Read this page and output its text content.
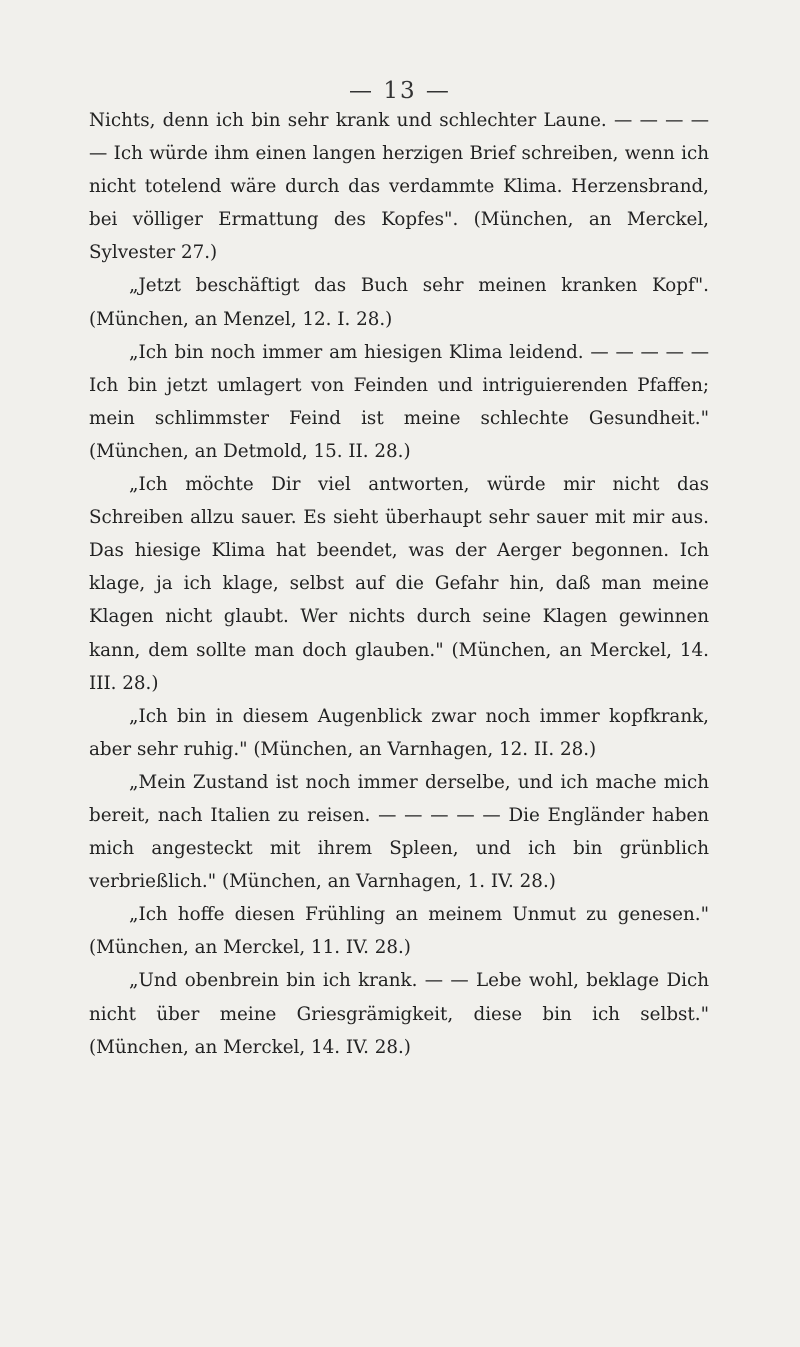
— 13 —

Nichts, denn ich bin sehr krank und schlechter Laune. — — — — — Ich würde ihm einen langen herzigen Brief schreiben, wenn ich nicht totelend wäre durch das verdammte Klima. Herzensbrand, bei völliger Ermattung des Kopfes". (München, an Merckel, Sylvester 27.)

„Jetzt beschäftigt das Buch sehr meinen kranken Kopf". (München, an Menzel, 12. I. 28.)

„Ich bin noch immer am hiesigen Klima leidend. — — — — — Ich bin jetzt umlagert von Feinden und intriguierenden Pfaffen; mein schlimmster Feind ist meine schlechte Gesundheit." (München, an Detmold, 15. II. 28.)

„Ich möchte Dir viel antworten, würde mir nicht das Schreiben allzu sauer. Es sieht überhaupt sehr sauer mit mir aus. Das hiesige Klima hat beendet, was der Aerger begonnen. Ich klage, ja ich klage, selbst auf die Gefahr hin, daß man meine Klagen nicht glaubt. Wer nichts durch seine Klagen gewinnen kann, dem sollte man doch glauben." (München, an Merckel, 14. III. 28.)

„Ich bin in diesem Augenblick zwar noch immer kopfkrank, aber sehr ruhig." (München, an Varnhagen, 12. II. 28.)

„Mein Zustand ist noch immer derselbe, und ich mache mich bereit, nach Italien zu reisen. — — — — — Die Engländer haben mich angesteckt mit ihrem Spleen, und ich bin grünblich verbrießlich." (München, an Varnhagen, 1. IV. 28.)

„Ich hoffe diesen Frühling an meinem Unmut zu genesen." (München, an Merckel, 11. IV. 28.)

„Und obenbrein bin ich krank. — — Lebe wohl, beklage Dich nicht über meine Griesgrämigkeit, diese bin ich selbst." (München, an Merckel, 14. IV. 28.)
